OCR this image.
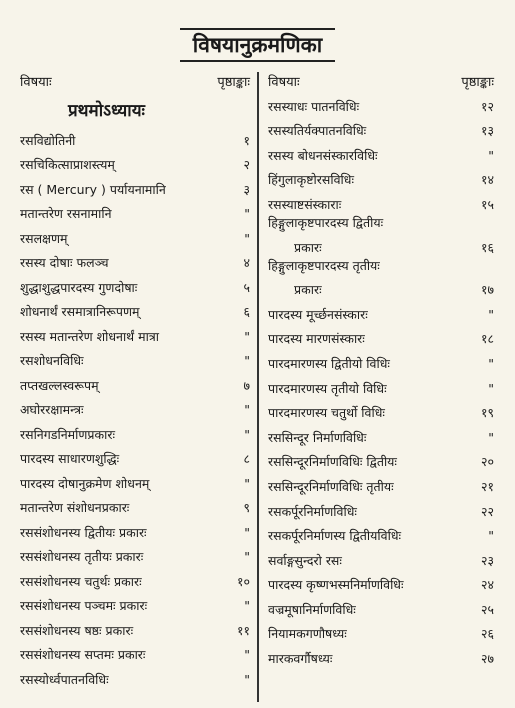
विषयानुक्रमणिका
विषयाः	पृष्ठाङ्काः
प्रथमोऽध्यायः
रसविद्योतिनी	१
रसचिकित्साप्राशस्त्यम्	२
रस ( Mercury ) पर्यायनामानि	३
मतान्तरेण रसनामानि	"
रसलक्षणम्	"
रसस्य दोषाः फलञ्च	४
शुद्धाशुद्धपारदस्य गुणदोषाः	५
शोधनार्थं रसमात्रानिरूपणम्	६
रसस्य मतान्तरेण शोधनार्थं मात्रा	"
रसशोधनविधिः	"
तप्तखल्लस्वरूपम्	७
अघोररक्षामन्त्रः	"
रसनिगडनिर्माणप्रकारः	"
पारदस्य साधारणशुद्धिः	८
पारदस्य दोषानुक्रमेण शोधनम्	"
मतान्तरेण संशोधनप्रकारः	९
रससंशोधनस्य द्वितीयः प्रकारः	"
रससंशोधनस्य तृतीयः प्रकारः	"
रससंशोधनस्य चतुर्थः प्रकारः	१०
रससंशोधनस्य पञ्चमः प्रकारः	"
रससंशोधनस्य षष्ठः प्रकारः	११
रससंशोधनस्य सप्तमः प्रकारः	"
रसस्योर्ध्वपातनविधिः	"
विषयाः	पृष्ठाङ्काः
रसस्याधः पातनविधिः	१२
रसस्यतिर्यक्पातनविधिः	१३
रसस्य बोधनसंस्कारविधिः	"
हिंगुलाकृष्टोरसविधिः	१४
रसस्याष्टसंस्काराः	१५
हिङ्गुलाकृष्टपारदस्य द्वितीयः
प्रकारः	१६
हिङ्गुलाकृष्टपारदस्य तृतीयः
प्रकारः	१७
पारदस्य मूर्च्छनसंस्कारः	"
पारदस्य मारणसंस्कारः	१८
पारदमारणस्य द्वितीयो विधिः	"
पारदमारणस्य तृतीयो विधिः	"
पारदमारणस्य चतुर्थो विधिः	१९
रससिन्दूर निर्माणविधिः	"
रससिन्दूरनिर्माणविधिः द्वितीयः	२०
रससिन्दूरनिर्माणविधिः तृतीयः	२१
रसकर्पूरनिर्माणविधिः	२२
रसकर्पूरनिर्माणस्य द्वितीयविधिः	"
सर्वाङ्गसुन्दरो रसः	२३
पारदस्य कृष्णभस्मनिर्माणविधिः	२४
वज्रमूषानिर्माणविधिः	२५
नियामकगणौषध्यः	२६
मारकवर्गौषध्यः	२७
